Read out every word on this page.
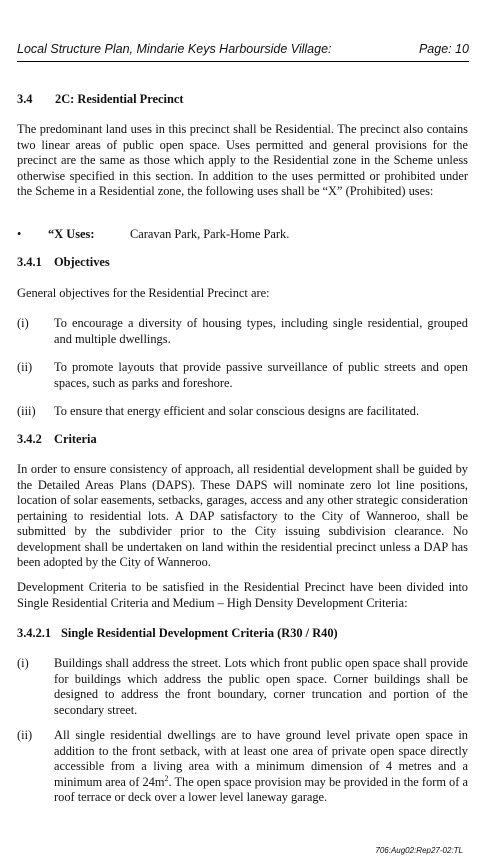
Local Structure Plan, Mindarie Keys Harbourside Village:	Page: 10
3.4 2C: Residential Precinct
The predominant land uses in this precinct shall be Residential. The precinct also contains two linear areas of public open space. Uses permitted and general provisions for the precinct are the same as those which apply to the Residential zone in the Scheme unless otherwise specified in this section. In addition to the uses permitted or prohibited under the Scheme in a Residential zone, the following uses shall be “X” (Prohibited) uses:
• “X Uses:	Caravan Park, Park-Home Park.
3.4.1 Objectives
General objectives for the Residential Precinct are:
(i) To encourage a diversity of housing types, including single residential, grouped and multiple dwellings.
(ii) To promote layouts that provide passive surveillance of public streets and open spaces, such as parks and foreshore.
(iii) To ensure that energy efficient and solar conscious designs are facilitated.
3.4.2 Criteria
In order to ensure consistency of approach, all residential development shall be guided by the Detailed Areas Plans (DAPS). These DAPS will nominate zero lot line positions, location of solar easements, setbacks, garages, access and any other strategic consideration pertaining to residential lots. A DAP satisfactory to the City of Wanneroo, shall be submitted by the subdivider prior to the City issuing subdivision clearance. No development shall be undertaken on land within the residential precinct unless a DAP has been adopted by the City of Wanneroo.
Development Criteria to be satisfied in the Residential Precinct have been divided into Single Residential Criteria and Medium – High Density Development Criteria:
3.4.2.1 Single Residential Development Criteria (R30 / R40)
(i) Buildings shall address the street. Lots which front public open space shall provide for buildings which address the public open space. Corner buildings shall be designed to address the front boundary, corner truncation and portion of the secondary street.
(ii) All single residential dwellings are to have ground level private open space in addition to the front setback, with at least one area of private open space directly accessible from a living area with a minimum dimension of 4 metres and a minimum area of $24m^2$. The open space provision may be provided in the form of a roof terrace or deck over a lower level laneway garage.
706:Aug02:Rep27-02:TL
